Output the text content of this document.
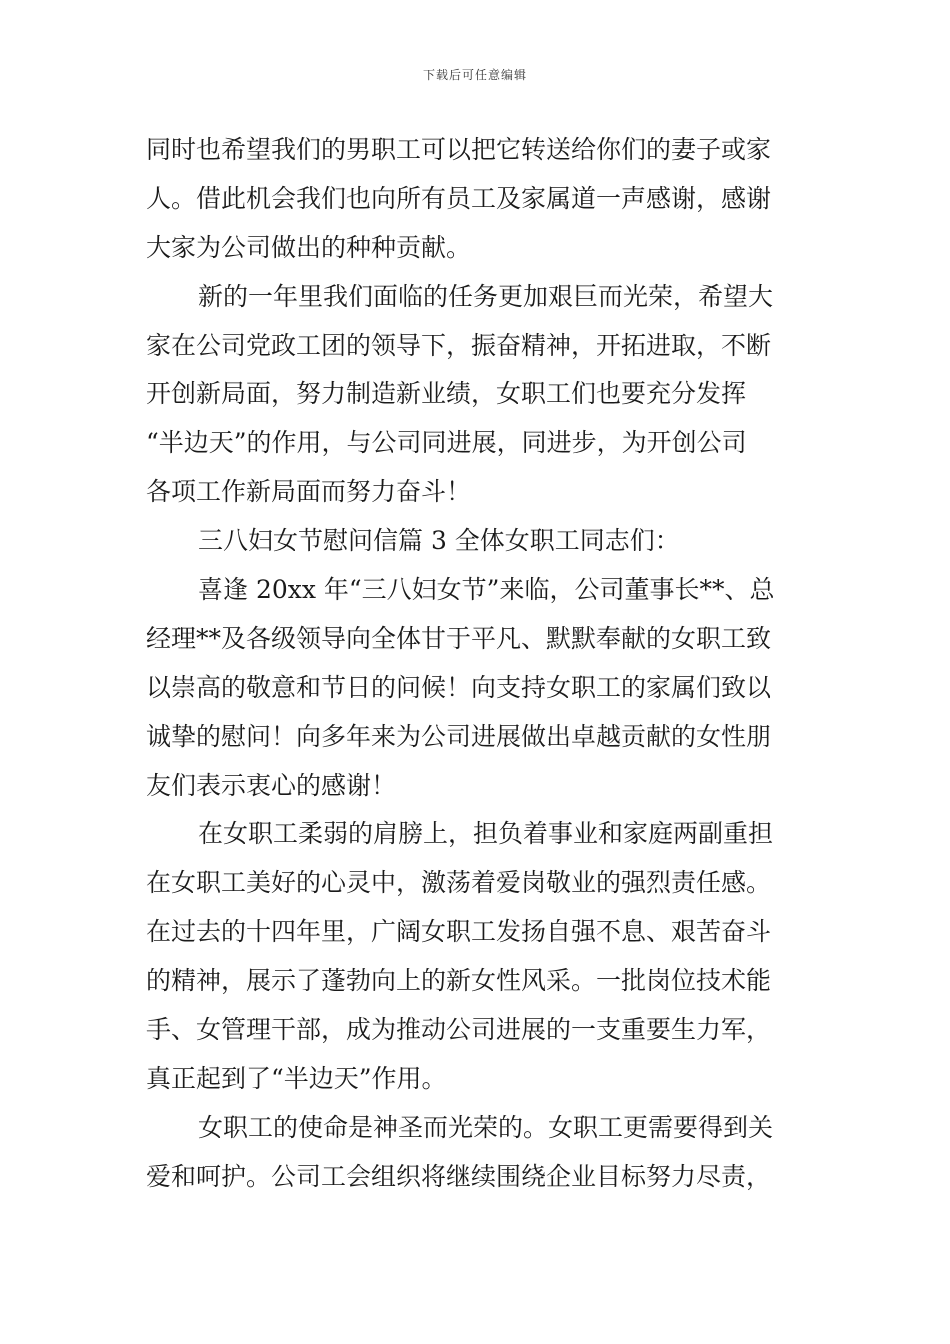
下载后可任意编辑
同时也希望我们的男职工可以把它转送给你们的妻子或家
人。借此机会我们也向所有员工及家属道一声感谢，感谢
大家为公司做出的种种贡献。
新的一年里我们面临的任务更加艰巨而光荣，希望大
家在公司党政工团的领导下，振奋精神，开拓进取，不断
开创新局面，努力制造新业绩，女职工们也要充分发挥
“半边天”的作用，与公司同进展，同进步，为开创公司
各项工作新局面而努力奋斗！
三八妇女节慰问信篇 3 全体女职工同志们：
喜逢 20xx 年“三八妇女节”来临，公司董事长**、总
经理**及各级领导向全体甘于平凡、默默奉献的女职工致
以崇高的敬意和节日的问候！向支持女职工的家属们致以
诚挚的慰问！向多年来为公司进展做出卓越贡献的女性朋
友们表示衷心的感谢！
在女职工柔弱的肩膀上，担负着事业和家庭两副重担
在女职工美好的心灵中，激荡着爱岗敬业的强烈责任感。
在过去的十四年里，广阔女职工发扬自强不息、艰苦奋斗
的精神，展示了蓬勃向上的新女性风采。一批岗位技术能
手、女管理干部，成为推动公司进展的一支重要生力军，
真正起到了“半边天”作用。
女职工的使命是神圣而光荣的。女职工更需要得到关
爱和呵护。公司工会组织将继续围绕企业目标努力尽责，
